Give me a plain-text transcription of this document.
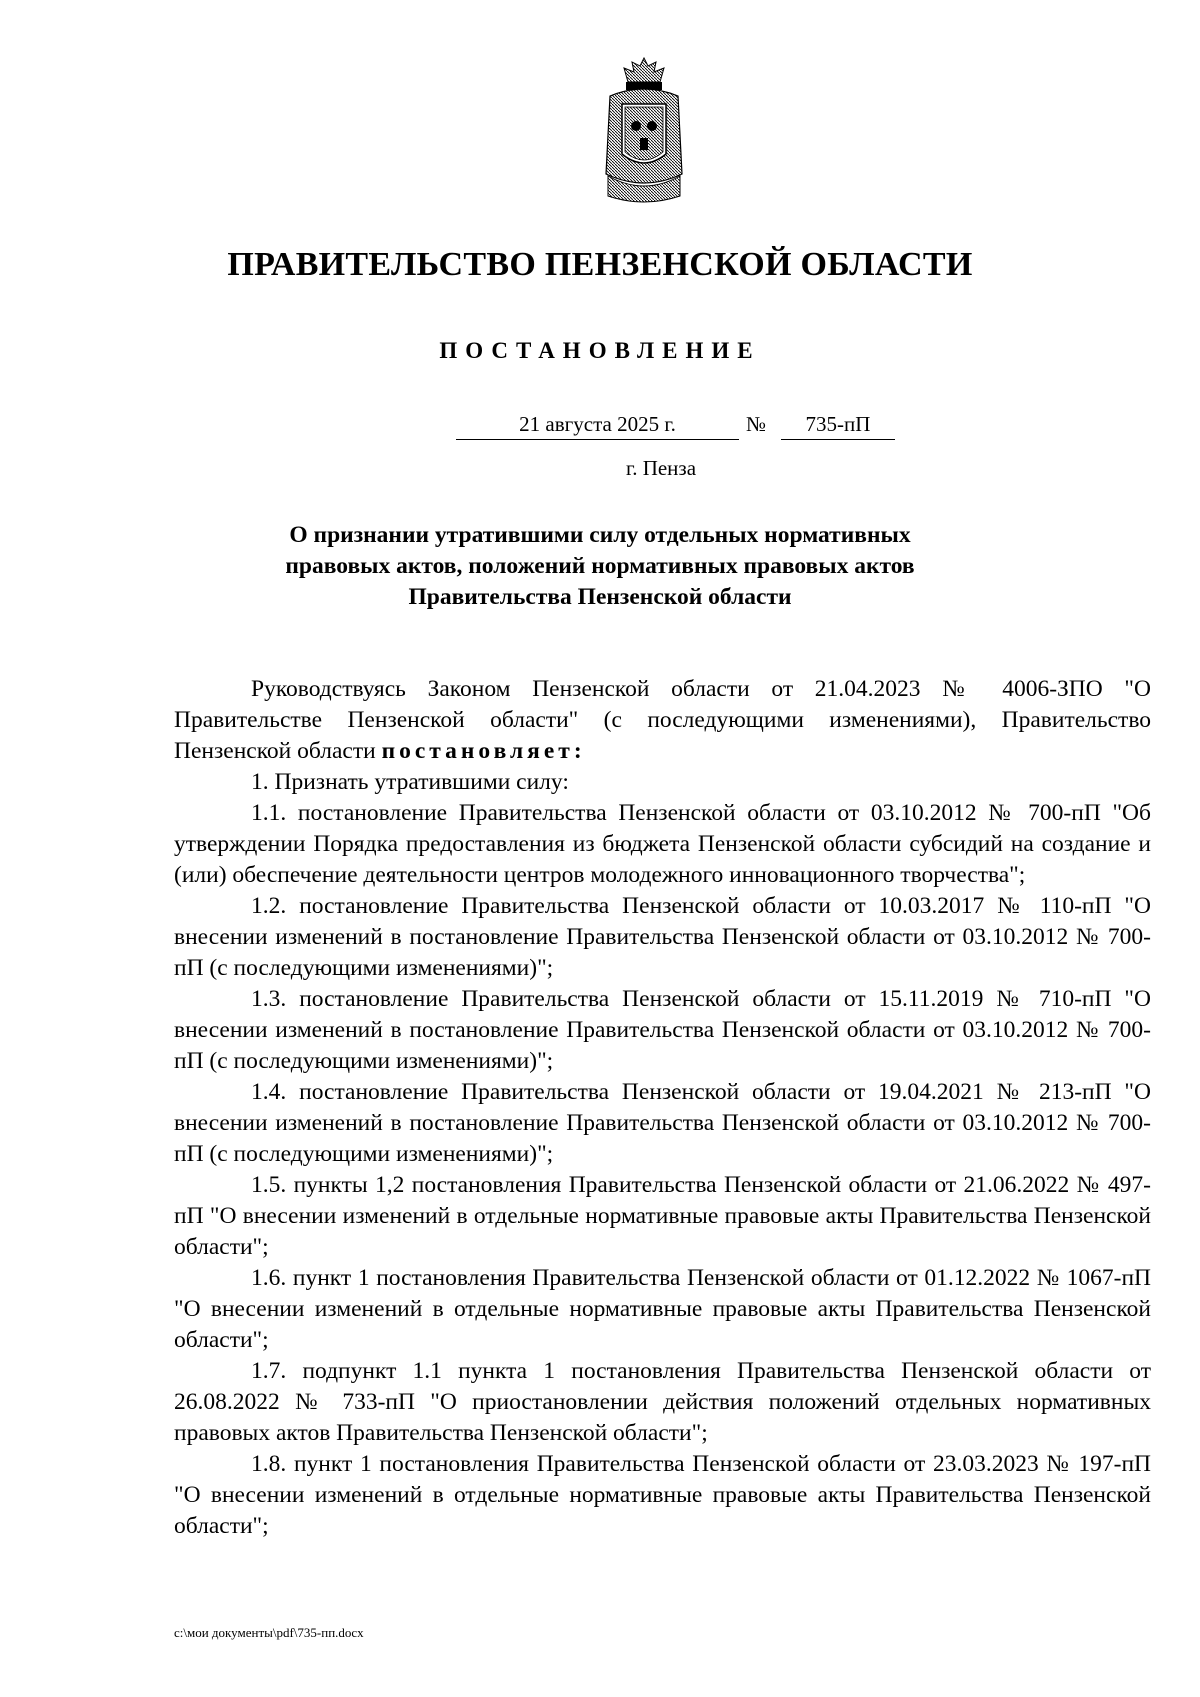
ПРАВИТЕЛЬСТВО ПЕНЗЕНСКОЙ ОБЛАСТИ
ПОСТАНОВЛЕНИЕ
21 августа 2025 г.	№	735-пП
г. Пенза
О признании утратившими силу отдельных нормативных
правовых актов, положений нормативных правовых актов
Правительства Пензенской области

Руководствуясь Законом Пензенской области от 21.04.2023 № 4006-ЗПО "О Правительстве Пензенской области" (с последующими изменениями), Правительство Пензенской области постановляет:

1. Признать утратившими силу:

1.1. постановление Правительства Пензенской области от 03.10.2012 № 700-пП "Об утверждении Порядка предоставления из бюджета Пензенской области субсидий на создание и (или) обеспечение деятельности центров молодежного инновационного творчества";

1.2. постановление Правительства Пензенской области от 10.03.2017 № 110-пП "О внесении изменений в постановление Правительства Пензенской области от 03.10.2012 № 700-пП (с последующими изменениями)";

1.3. постановление Правительства Пензенской области от 15.11.2019 № 710-пП "О внесении изменений в постановление Правительства Пензенской области от 03.10.2012 № 700-пП (с последующими изменениями)";

1.4. постановление Правительства Пензенской области от 19.04.2021 № 213-пП "О внесении изменений в постановление Правительства Пензенской области от 03.10.2012 № 700-пП (с последующими изменениями)";

1.5. пункты 1,2 постановления Правительства Пензенской области от 21.06.2022 № 497-пП "О внесении изменений в отдельные нормативные правовые акты Правительства Пензенской области";

1.6. пункт 1 постановления Правительства Пензенской области от 01.12.2022 № 1067-пП "О внесении изменений в отдельные нормативные правовые акты Правительства Пензенской области";

1.7. подпункт 1.1 пункта 1 постановления Правительства Пензенской области от 26.08.2022 № 733-пП "О приостановлении действия положений отдельных нормативных правовых актов Правительства Пензенской области";

1.8. пункт 1 постановления Правительства Пензенской области от 23.03.2023 № 197-пП "О внесении изменений в отдельные нормативные правовые акты Правительства Пензенской области";

c:\мои документы\pdf\735-пп.docx
